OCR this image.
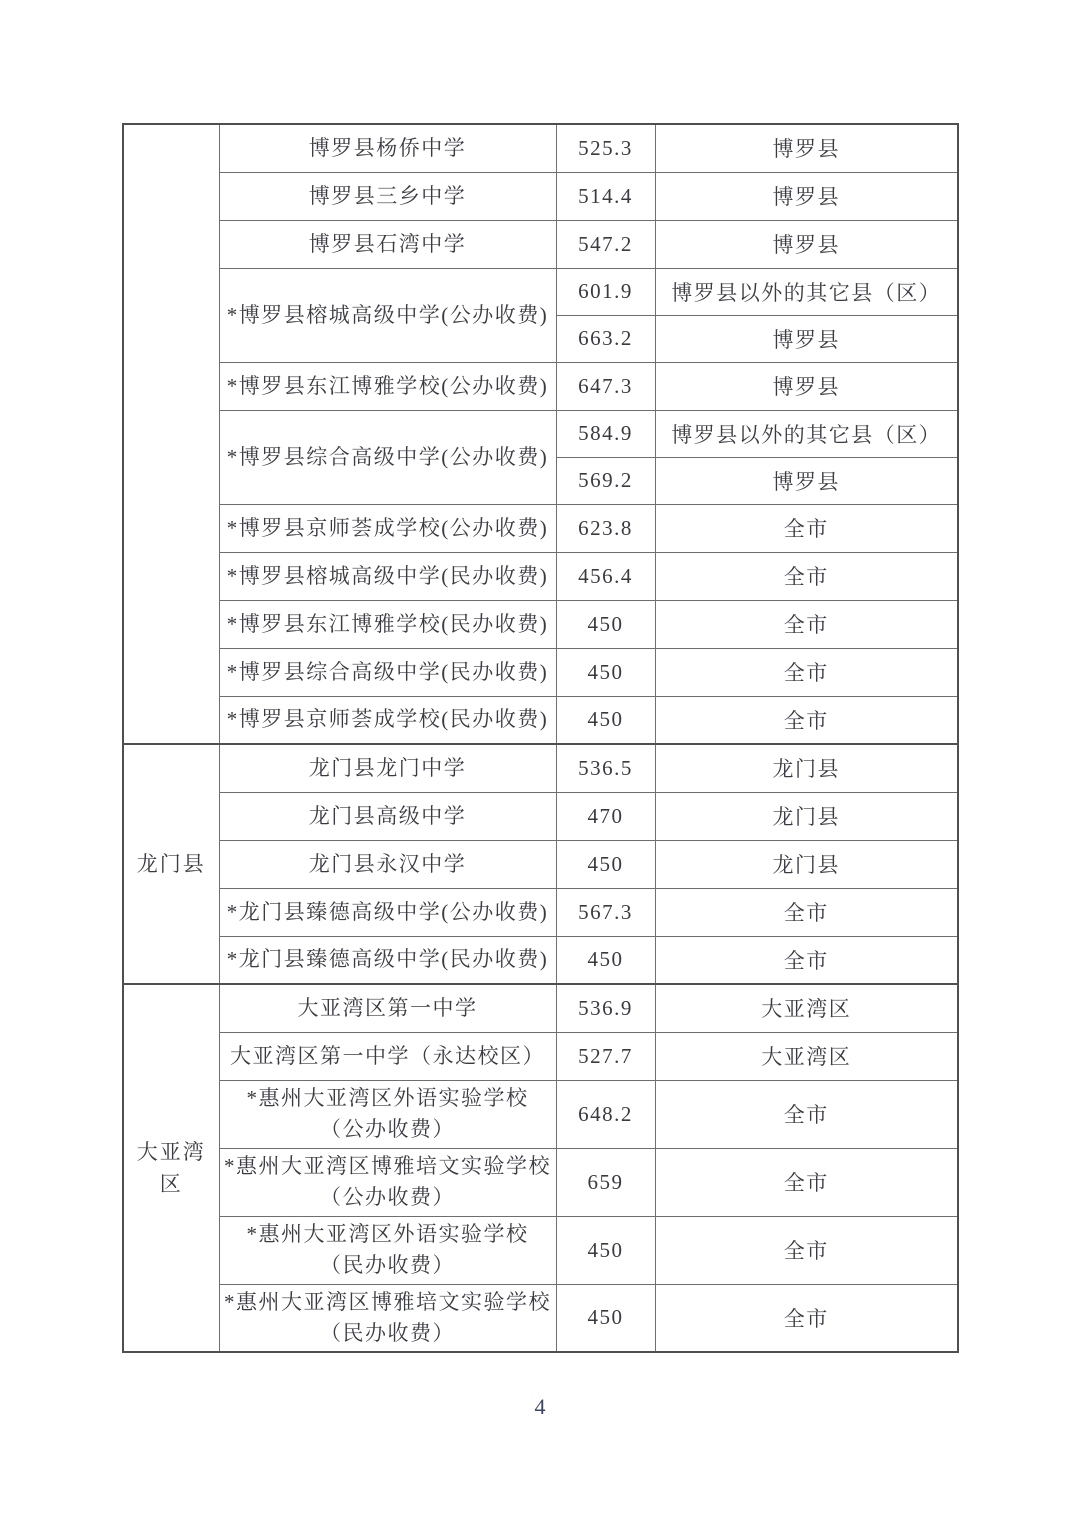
	博罗县杨侨中学	525.3	博罗县

	博罗县三乡中学	514.4	博罗县

	博罗县石湾中学	547.2	博罗县

	*博罗县榕城高级中学(公办收费)	601.9	博罗县以外的其它县（区）
		663.2	博罗县

	*博罗县东江博雅学校(公办收费)	647.3	博罗县

	*博罗县综合高级中学(公办收费)	584.9	博罗县以外的其它县（区）
		569.2	博罗县

	*博罗县京师荟成学校(公办收费)	623.8	全市

	*博罗县榕城高级中学(民办收费)	456.4	全市

	*博罗县东江博雅学校(民办收费)	450	全市

	*博罗县综合高级中学(民办收费)	450	全市

	*博罗县京师荟成学校(民办收费)	450	全市

龙门县	龙门县龙门中学	536.5	龙门县

	龙门县高级中学	470	龙门县

	龙门县永汉中学	450	龙门县

	*龙门县臻德高级中学(公办收费)	567.3	全市

	*龙门县臻德高级中学(民办收费)	450	全市

大亚湾区	大亚湾区第一中学	536.9	大亚湾区

	大亚湾区第一中学（永达校区）	527.7	大亚湾区

	*惠州大亚湾区外语实验学校
（公办收费）	648.2	全市

	*惠州大亚湾区博雅培文实验学校
（公办收费）	659	全市

	*惠州大亚湾区外语实验学校
（民办收费）	450	全市

	*惠州大亚湾区博雅培文实验学校
（民办收费）	450	全市
4
